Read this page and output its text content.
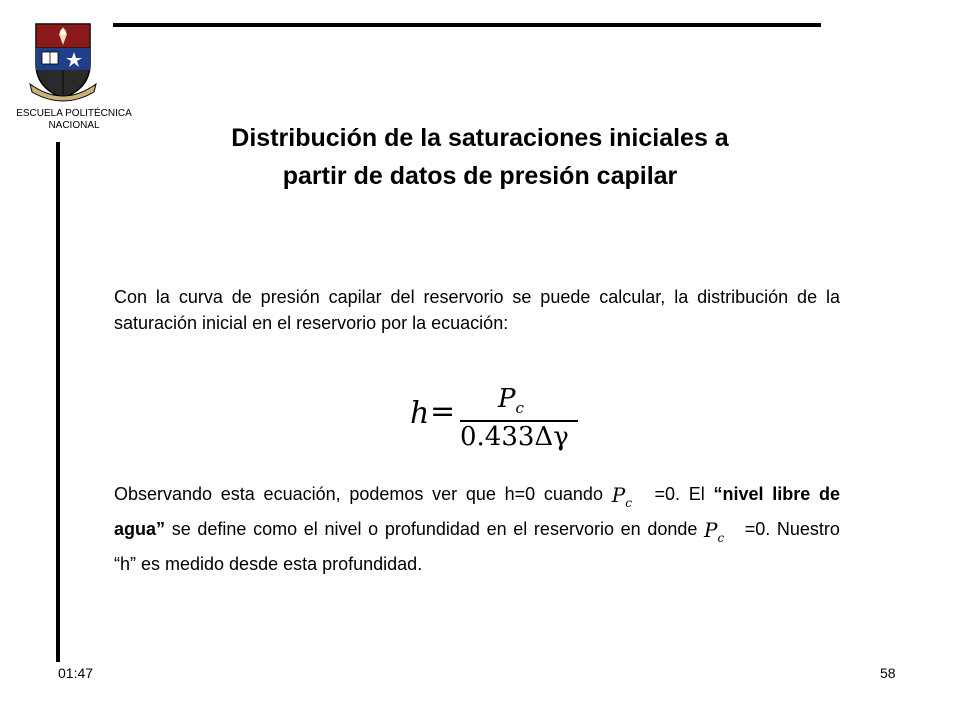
ESCUELA POLITÉCNICA
NACIONAL	Distribución de la saturaciones iniciales a
partir de datos de presión capilar
Con la curva de presión capilar del reservorio se puede calcular, la distribución de la saturación inicial en el reservorio por la ecuación:
$h = P_c$
0.433Δγ
Observando esta ecuación, podemos ver que h=0 cuando $P_c =0$. El “nivel libre de agua” se define como el nivel o profundidad en el reservorio en donde $P_c =0$. Nuestro “h” es medido desde esta profundidad.
01:47	58
